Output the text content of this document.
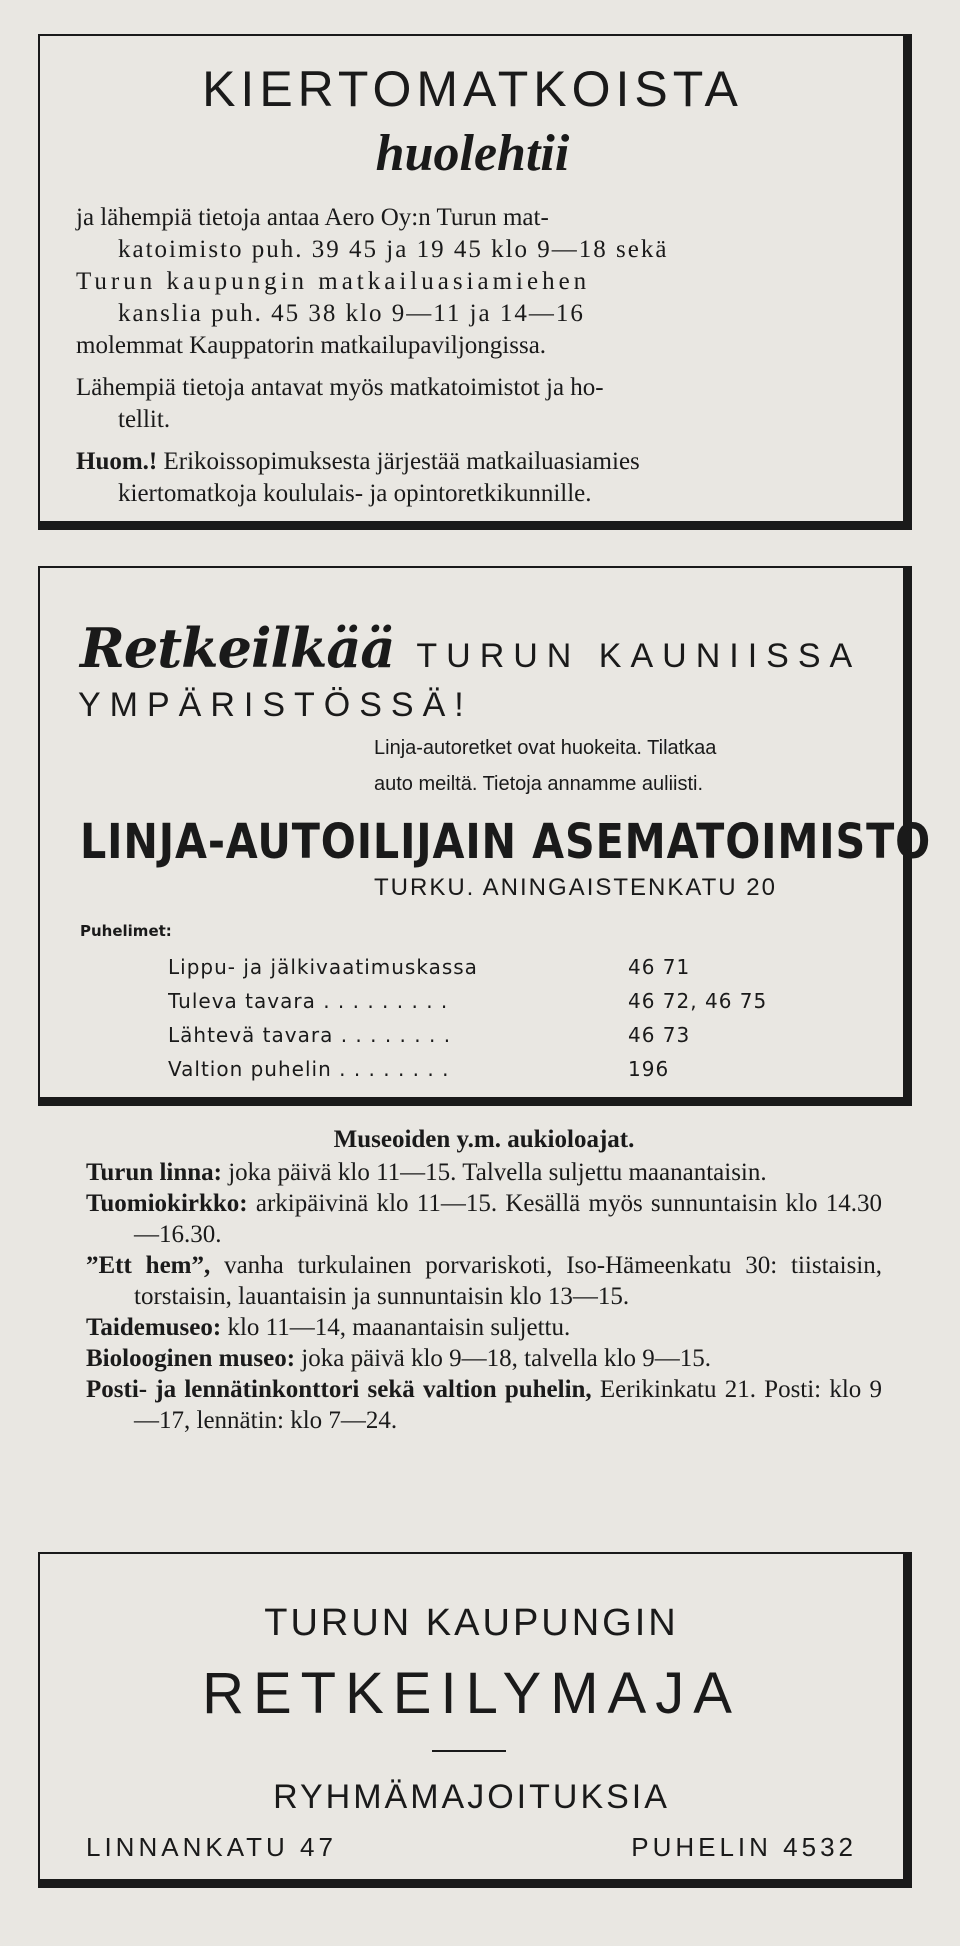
KIERTOMATKOISTA
huolehtii
ja lähempiä tietoja antaa Aero Oy:n Turun mat-
katoimisto puh. 39 45 ja 19 45 klo 9—18 sekä
Turun kaupungin matkailuasiamiehen
kanslia puh. 45 38 klo 9—11 ja 14—16
molemmat Kauppatorin matkailupaviljongissa.
Lähempiä tietoja antavat myös matkatoimistot ja ho-
tellit.
Huom.! Erikoissopimuksesta järjestää matkailuasiamies
kiertomatkoja koululais- ja opintoretkikunnille.
Retkeilkää TURUN KAUNIISSA
YMPÄRISTÖSSÄ!
Linja-autoretket ovat huokeita. Tilatkaa
auto meiltä. Tietoja annamme auliisti.
LINJA-AUTOILIJAIN ASEMATOIMISTO
TURKU. ANINGAISTENKATU 20
Puhelimet:
Lippu- ja jälkivaatimuskassa	46 71
Tuleva tavara . . . . . . . . .	46 72, 46 75
Lähtevä tavara . . . . . . . .	46 73
Valtion puhelin . . . . . . . .	196
Museoiden y.m. aukioloajat.
Turun linna: joka päivä klo 11—15. Talvella suljettu maanantaisin.
Tuomiokirkko: arkipäivinä klo 11—15. Kesällä myös sunnuntaisin klo 14.30—16.30.
”Ett hem”, vanha turkulainen porvariskoti, Iso-Hämeenkatu 30: tiistaisin, torstaisin, lauantaisin ja sunnuntaisin klo 13—15.
Taidemuseo: klo 11—14, maanantaisin suljettu.
Biolooginen museo: joka päivä klo 9—18, talvella klo 9—15.
Posti- ja lennätinkonttori sekä valtion puhelin, Eerikinkatu 21. Posti: klo 9—17, lennätin: klo 7—24.
TURUN KAUPUNGIN
RETKEILYMAJA
RYHMÄMAJOITUKSIA
LINNANKATU 47	PUHELIN 4532
